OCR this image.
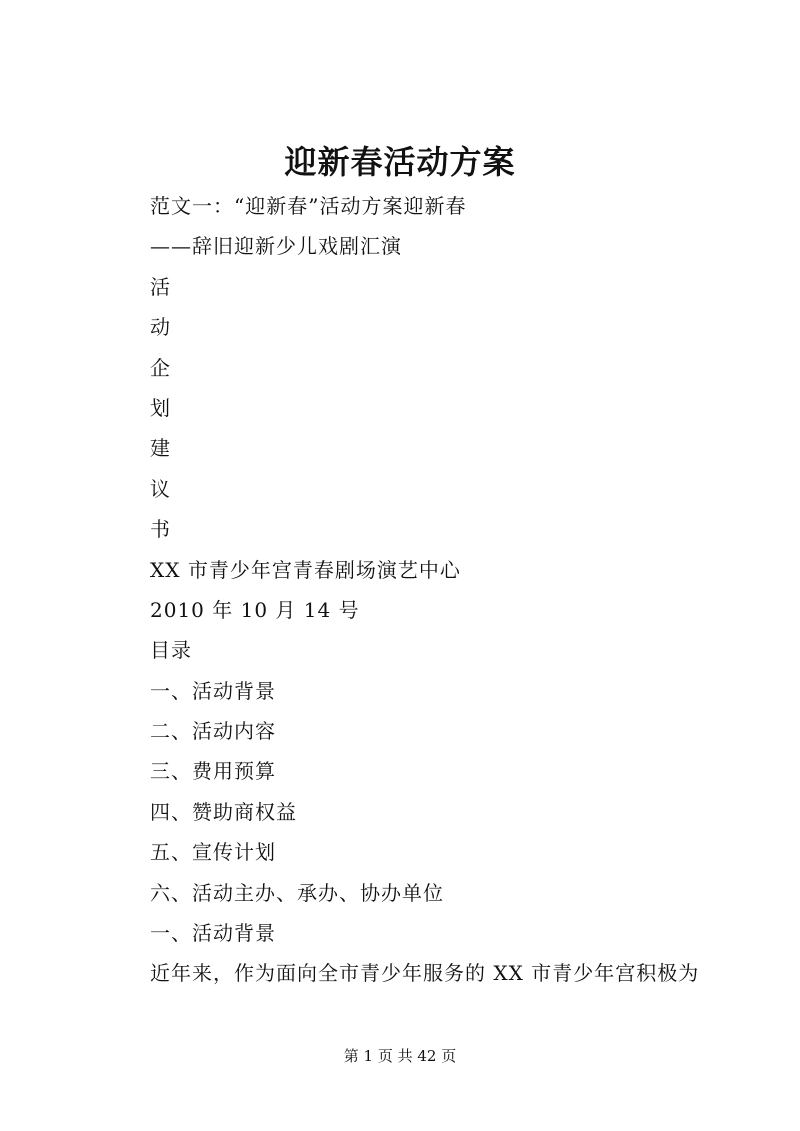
迎新春活动方案
范文一：“迎新春”活动方案迎新春
——辞旧迎新少儿戏剧汇演
活
动
企
划
建
议
书
XX 市青少年宫青春剧场演艺中心
2010 年 10 月 14 号
目录
一、活动背景
二、活动内容
三、费用预算
四、赞助商权益
五、宣传计划
六、活动主办、承办、协办单位
一、活动背景
近年来，作为面向全市青少年服务的 XX 市青少年宫积极为
第 1 页 共 42 页
